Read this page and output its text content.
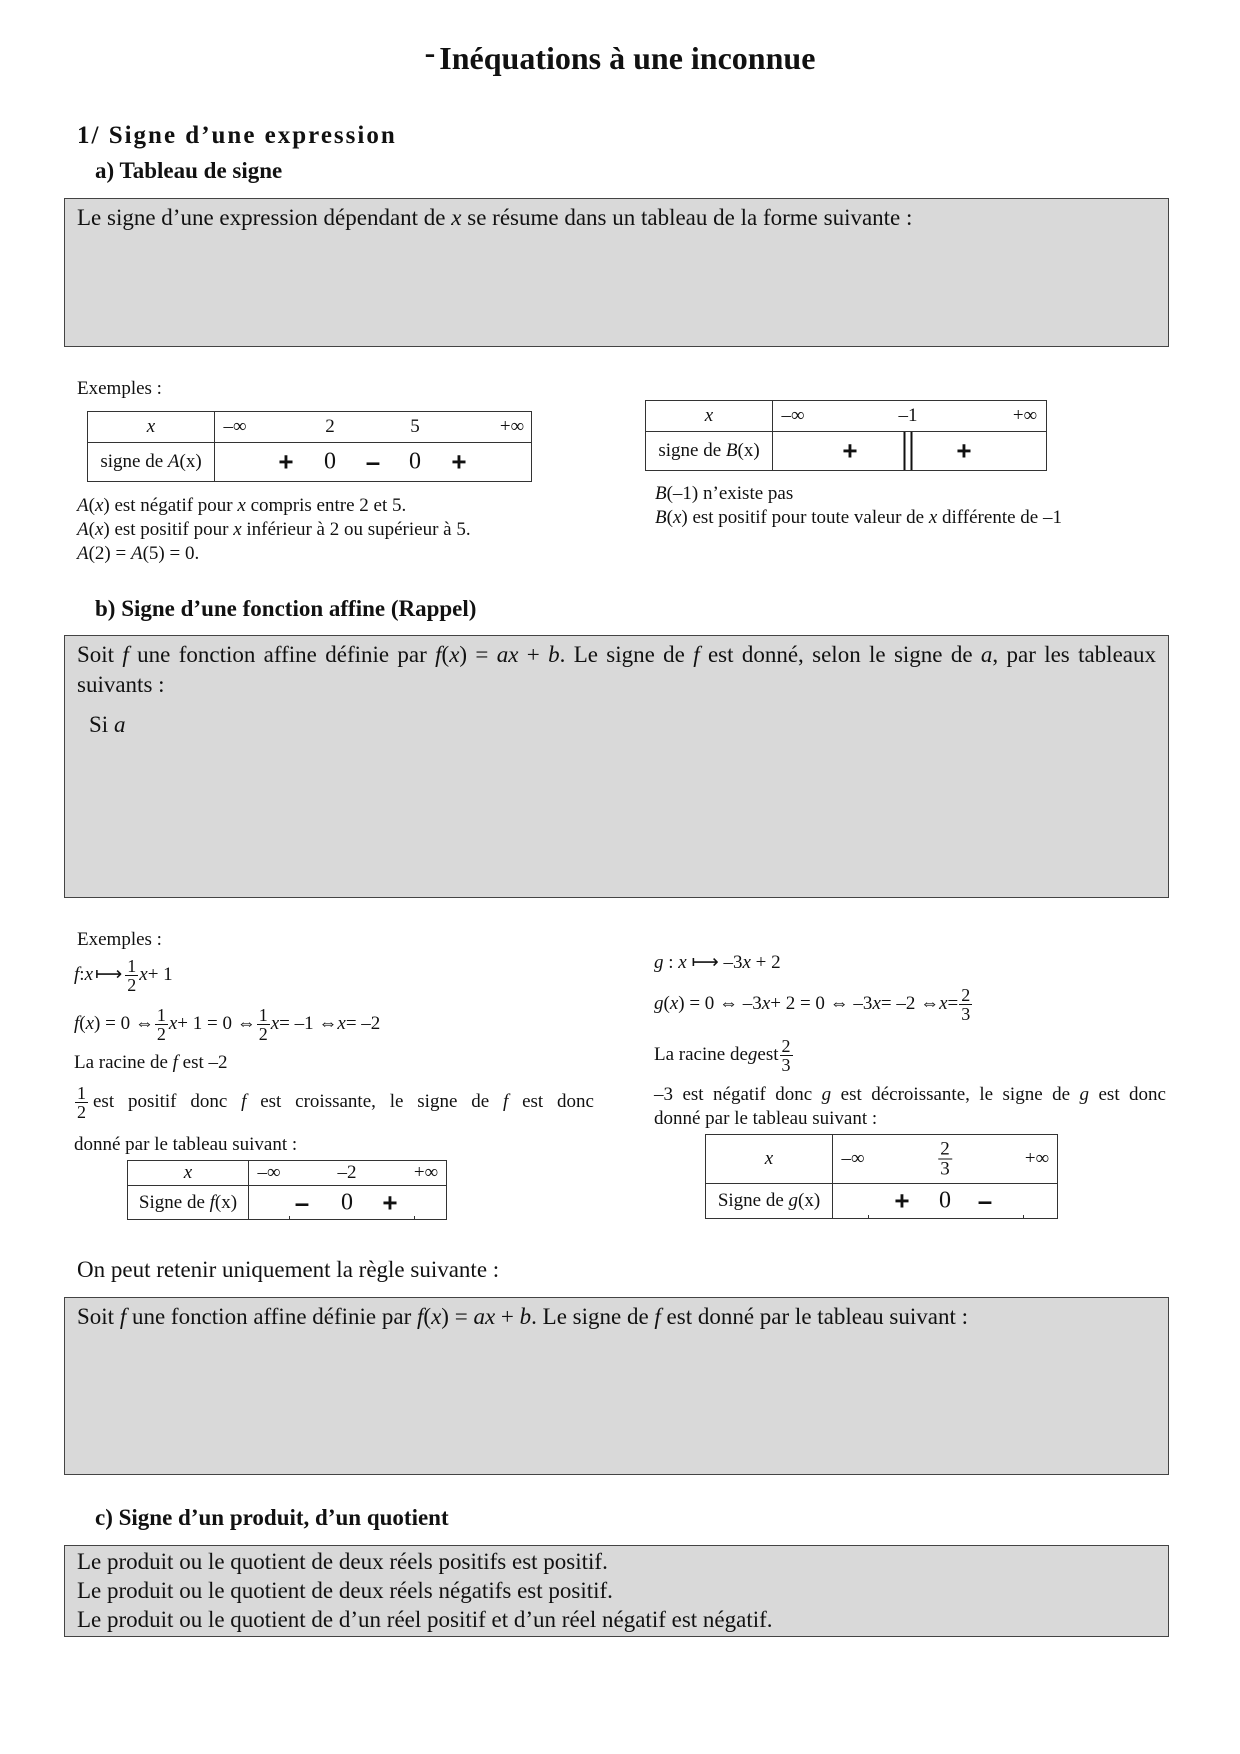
- Inéquations à une inconnue
1/ Signe d’une expression
a) Tableau de signe
Le signe d’une expression dépendant de x se résume dans un tableau de la forme suivante :
Exemples :
x	–∞ 2 5 +∞

signe de A(x)	+ 0 – 0 +
A(x) est négatif pour x compris entre 2 et 5.
A(x) est positif pour x inférieur à 2 ou supérieur à 5.
A(2) = A(5) = 0.
x	–∞ –1 +∞

signe de B(x)	+ +
B(–1) n’existe pas
B(x) est positif pour toute valeur de x différente de –1
b) Signe d’une fonction affine (Rappel)
Soit f une fonction affine définie par f(x) = ax + b. Le signe de f est donné, selon le signe de a, par les tableaux suivants :
Si a
Exemples :
f : x ⟼ $\frac{1}{2}$ x + 1
f ( x ) = 0 ⇔ $\frac{1}{2}$ x + 1 = 0 ⇔ $\frac{1}{2}$ x = –1 ⇔ x = –2
La racine de f est –2
$\frac{1}{2}$ est positif donc f est croissante, le signe de f est donc
donné par le tableau suivant :
x	–∞ –2 +∞

Signe de f(x)	– 0 +
g : x ⟼ –3x + 2
g ( x ) = 0 ⇔ –3 x + 2 = 0 ⇔ –3 x = –2 ⇔ $x = \frac{2}{3}$
La racine de g est $\frac{2}{3}$
–3 est négatif donc g est décroissante, le signe de g est donc
donné par le tableau suivant :
x	–∞ $\frac{2}{3}$ +∞

Signe de g(x)	+ 0 –
On peut retenir uniquement la règle suivante :
Soit f une fonction affine définie par f(x) = ax + b. Le signe de f est donné par le tableau suivant :
c) Signe d’un produit, d’un quotient
Le produit ou le quotient de deux réels positifs est positif.
Le produit ou le quotient de deux réels négatifs est positif.
Le produit ou le quotient de d’un réel positif et d’un réel négatif est négatif.
